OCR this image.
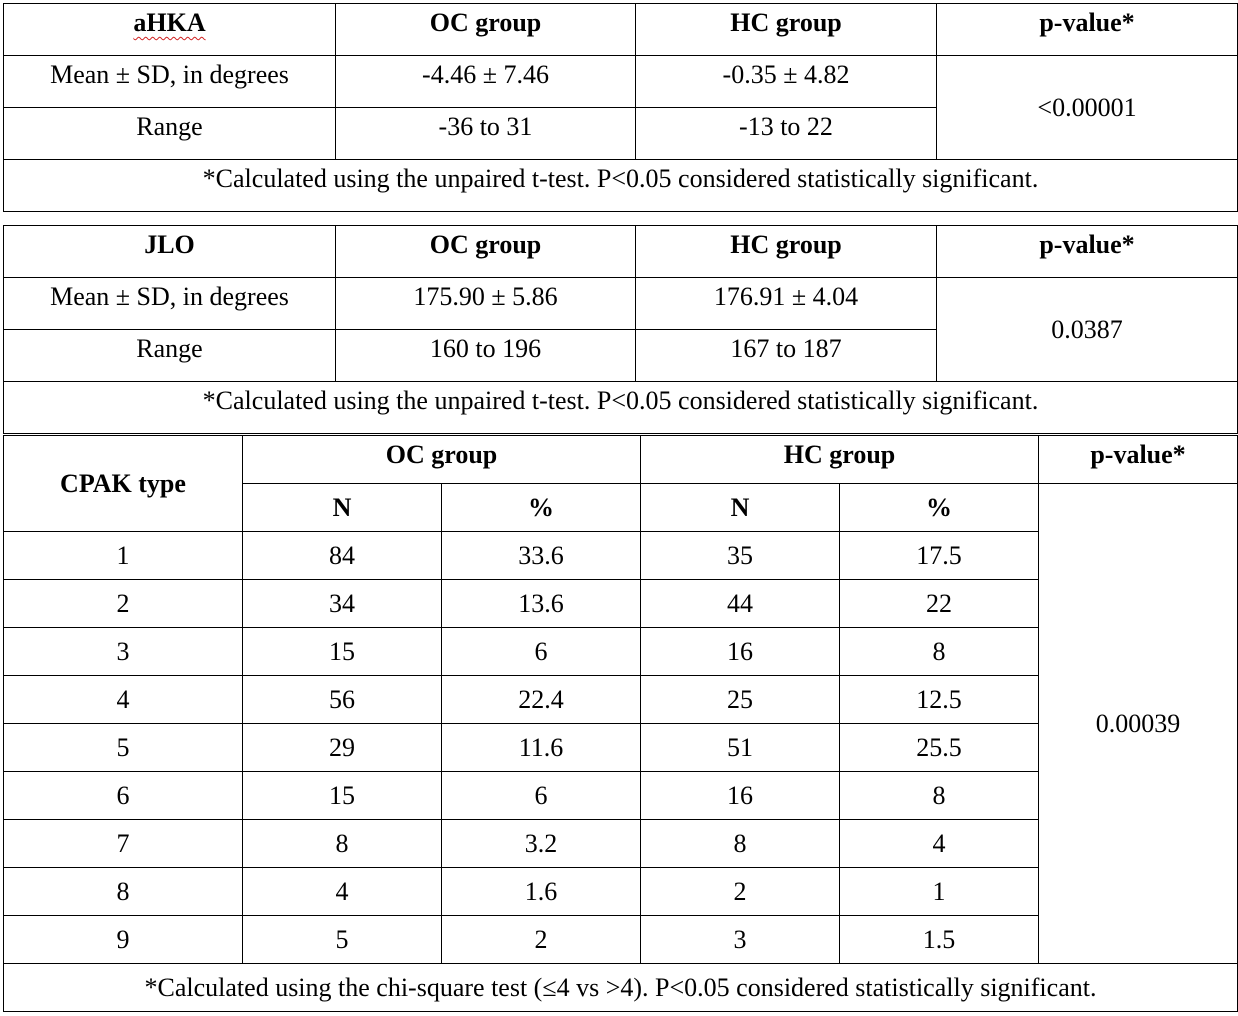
aHKA	OC group	HC group	p-value*
Mean ± SD, in degrees	-4.46 ± 7.46	-0.35 ± 4.82	<0.00001
Range	-36 to 31	-13 to 22	
*Calculated using the unpaired t-test. P<0.05 considered statistically significant.			
JLO	OC group	HC group	p-value*
Mean ± SD, in degrees	175.90 ± 5.86	176.91 ± 4.04	0.0387
Range	160 to 196	167 to 187	
*Calculated using the unpaired t-test. P<0.05 considered statistically significant.			
CPAK type	OC group		HC group		p-value*
	N	%	N	%	0.00039
1	84	33.6	35	17.5	
2	34	13.6	44	22	
3	15	6	16	8	
4	56	22.4	25	12.5	
5	29	11.6	51	25.5	
6	15	6	16	8	
7	8	3.2	8	4	
8	4	1.6	2	1	
9	5	2	3	1.5	
*Calculated using the chi-square test (≤4 vs >4). P<0.05 considered statistically significant.					
